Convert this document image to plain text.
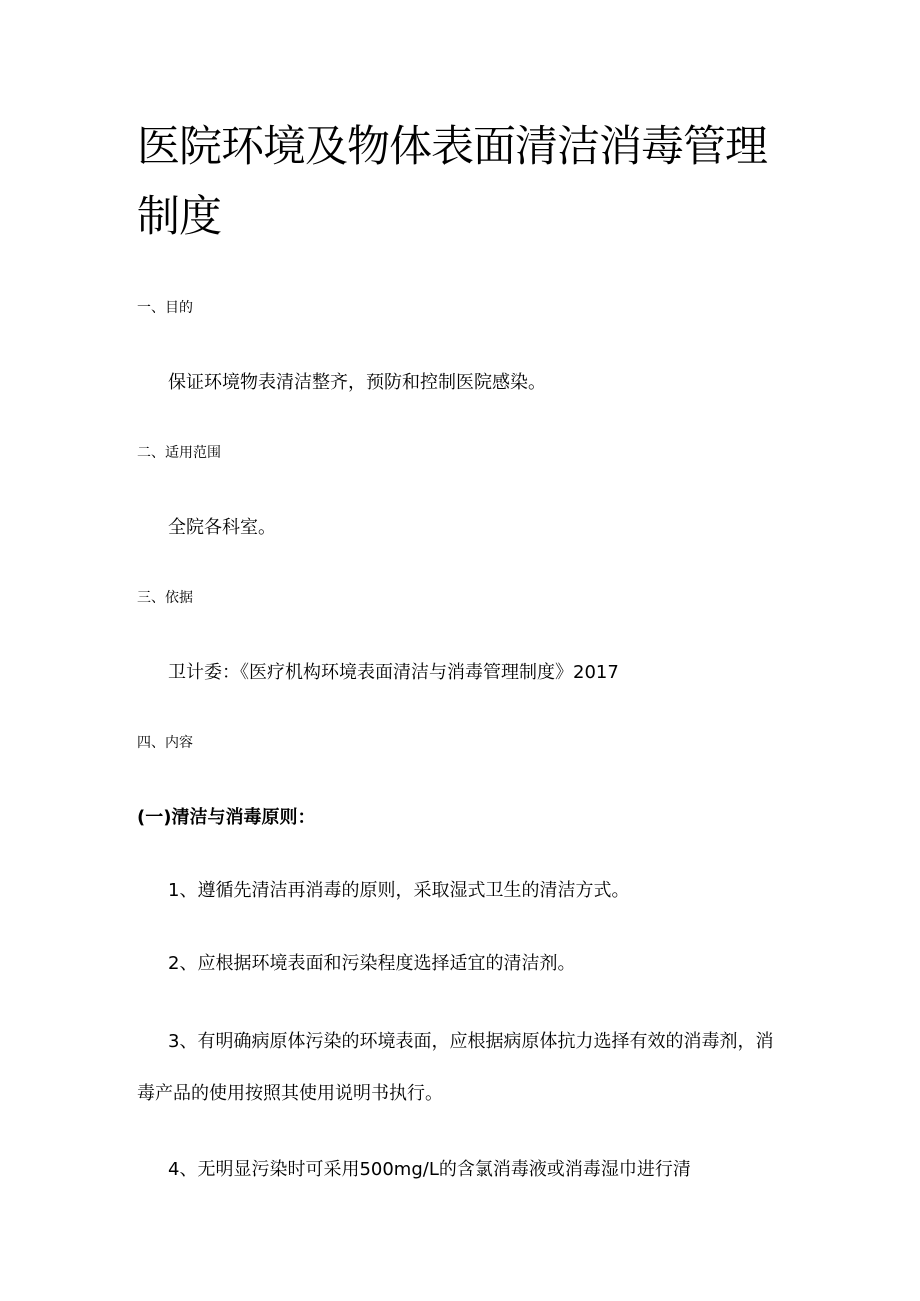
医院环境及物体表面清洁消毒管理制度

一、目的

保证环境物表清洁整齐，预防和控制医院感染。

二、适用范围

全院各科室。

三、依据

卫计委：《医疗机构环境表面清洁与消毒管理制度》2017

四、内容

(一)清洁与消毒原则：

1、遵循先清洁再消毒的原则，采取湿式卫生的清洁方式。

2、应根据环境表面和污染程度选择适宜的清洁剂。

3、有明确病原体污染的环境表面，应根据病原体抗力选择有效的消毒剂，消毒产品的使用按照其使用说明书执行。

4、无明显污染时可采用500mg/L的含氯消毒液或消毒湿巾进行清
